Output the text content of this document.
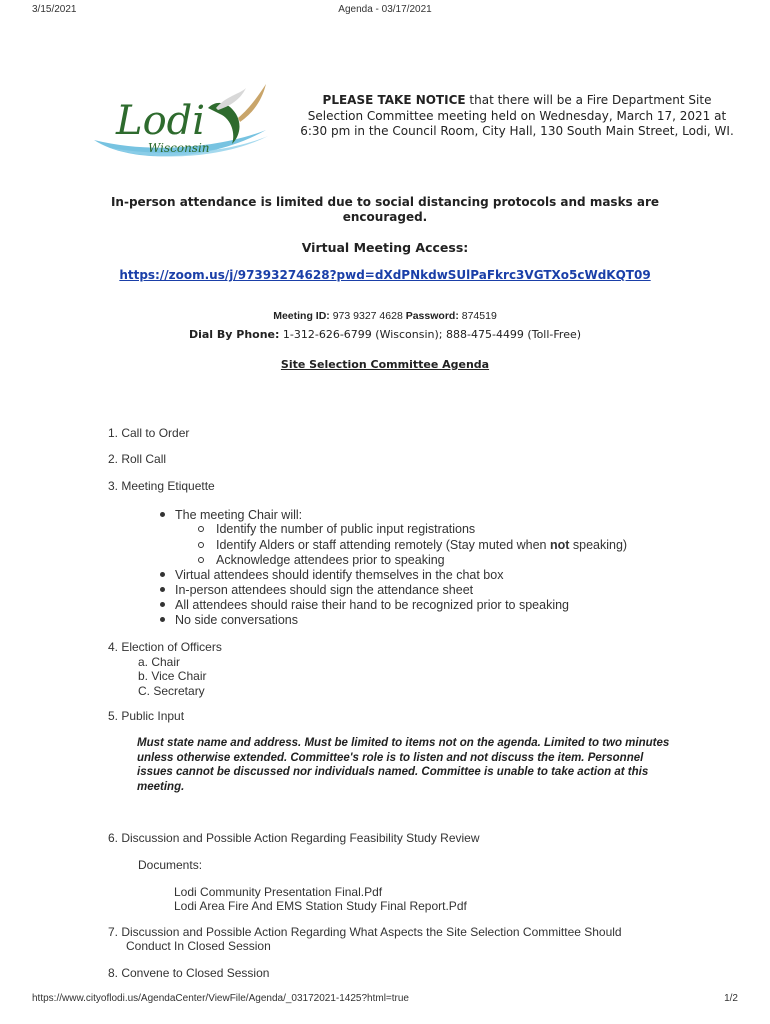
3/15/2021	Agenda - 03/17/2021
Lodi
Wisconsin
PLEASE TAKE NOTICE that there will be a Fire Department Site Selection Committee meeting held on Wednesday, March 17, 2021 at 6:30 pm in the Council Room, City Hall, 130 South Main Street, Lodi, WI.
In-person attendance is limited due to social distancing protocols and masks are encouraged.
Virtual Meeting Access:
https://zoom.us/j/97393274628?pwd=dXdPNkdwSUlPaFkrc3VGTXo5cWdKQT09
Meeting ID: 973 9327 4628 Password: 874519
Dial By Phone: 1-312-626-6799 (Wisconsin); 888-475-4499 (Toll-Free)
Site Selection Committee Agenda
1. Call to Order
2. Roll Call
3. Meeting Etiquette
The meeting Chair will:
Identify the number of public input registrations
Identify Alders or staff attending remotely (Stay muted when not speaking)
Acknowledge attendees prior to speaking
Virtual attendees should identify themselves in the chat box
In-person attendees should sign the attendance sheet
All attendees should raise their hand to be recognized prior to speaking
No side conversations
4. Election of Officers
a. Chair
b. Vice Chair
C. Secretary
5. Public Input
Must state name and address. Must be limited to items not on the agenda. Limited to two minutes unless otherwise extended. Committee's role is to listen and not discuss the item. Personnel issues cannot be discussed nor individuals named. Committee is unable to take action at this meeting.
6. Discussion and Possible Action Regarding Feasibility Study Review
Documents:
Lodi Community Presentation Final.Pdf
Lodi Area Fire And EMS Station Study Final Report.Pdf
7. Discussion and Possible Action Regarding What Aspects the Site Selection Committee Should
Conduct In Closed Session
8. Convene to Closed Session
https://www.cityoflodi.us/AgendaCenter/ViewFile/Agenda/_03172021-1425?html=true	1/2
